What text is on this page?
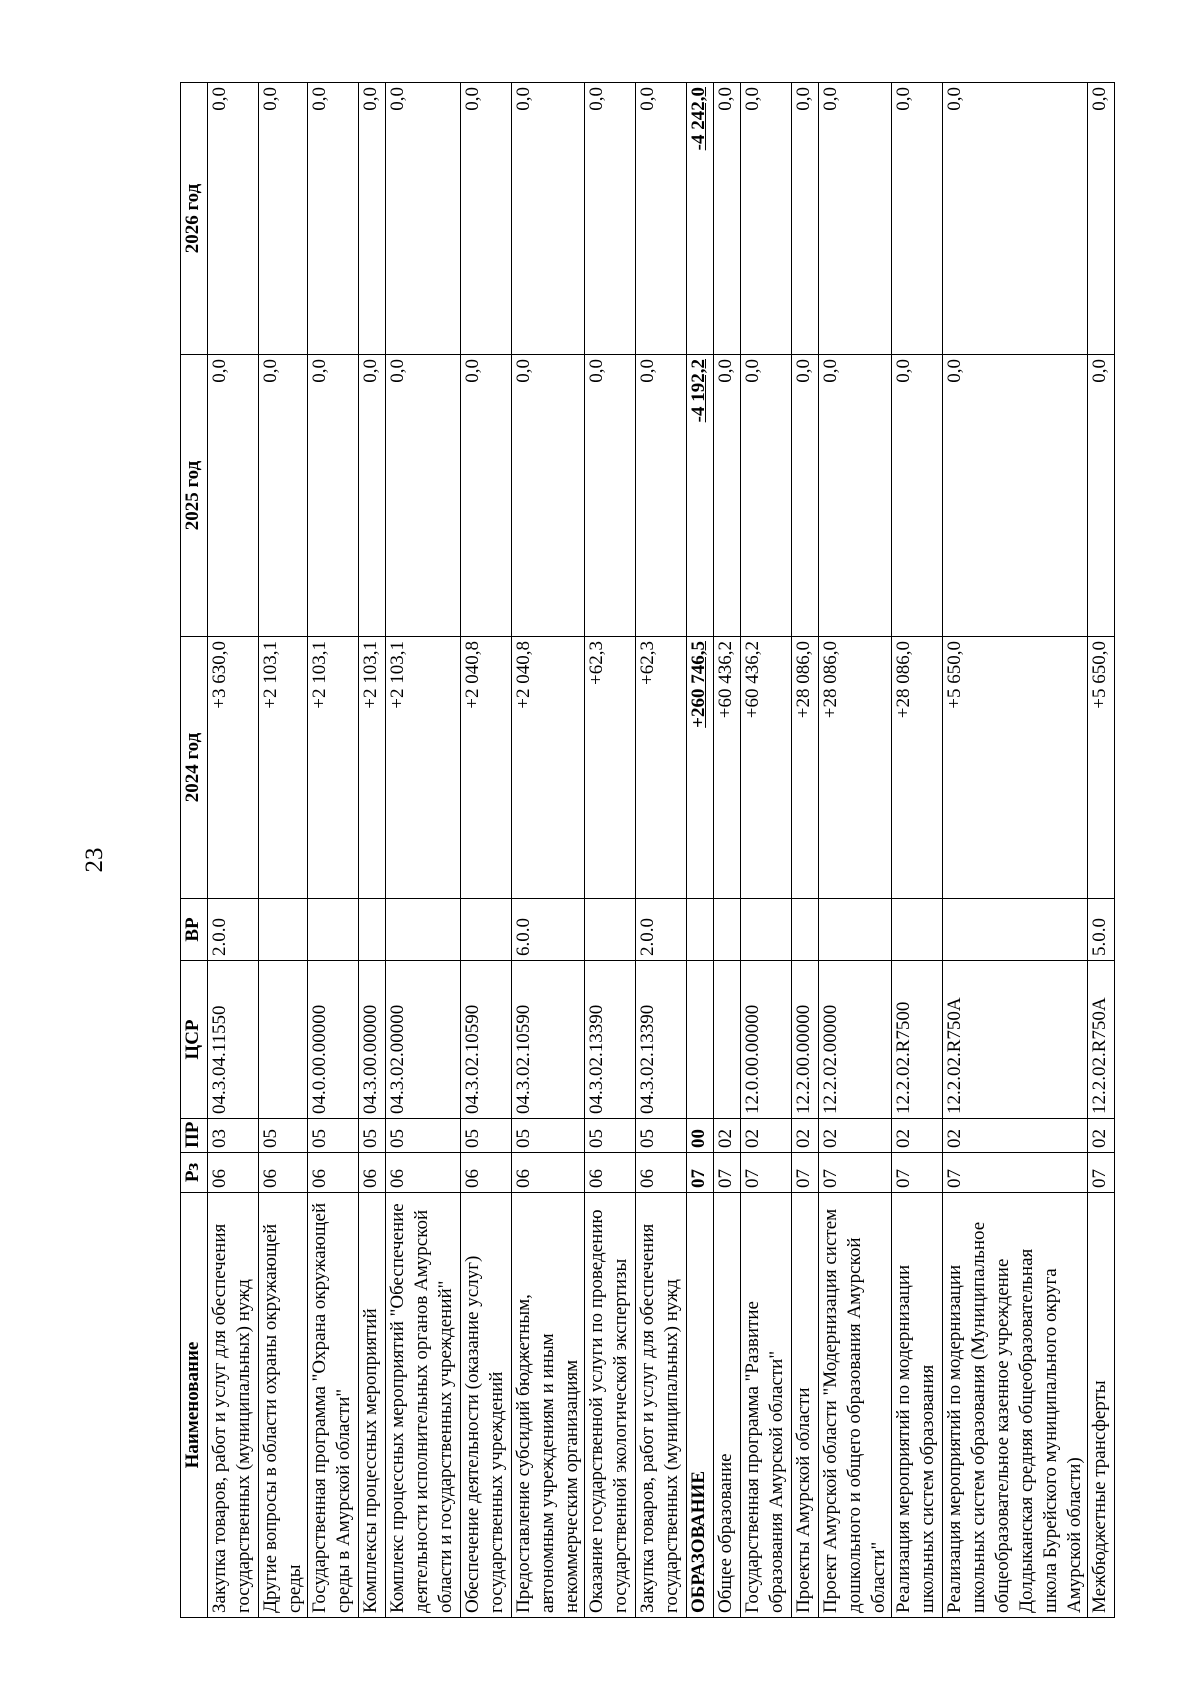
23
Наименование	Рз	ПР	ЦСР	ВР	2024 год	2025 год	2026 год
Закупка товаров, работ и услуг для обеспечения государственных (муниципальных) нужд	06	03	04.3.04.11550	2.0.0	+3 630,0	0,0	0,0
Другие вопросы в области охраны окружающей среды	06	05			+2 103,1	0,0	0,0
Государственная программа "Охрана окружающей среды в Амурской области"	06	05	04.0.00.00000		+2 103,1	0,0	0,0
Комплексы процессных мероприятий	06	05	04.3.00.00000		+2 103,1	0,0	0,0
Комплекс процессных мероприятий "Обеспечение деятельности исполнительных органов Амурской области и государственных учреждений"	06	05	04.3.02.00000		+2 103,1	0,0	0,0
Обеспечение деятельности (оказание услуг) государственных учреждений	06	05	04.3.02.10590		+2 040,8	0,0	0,0
Предоставление субсидий бюджетным, автономным учреждениям и иным некоммерческим организациям	06	05	04.3.02.10590	6.0.0	+2 040,8	0,0	0,0
Оказание государственной услуги по проведению государственной экологической экспертизы	06	05	04.3.02.13390		+62,3	0,0	0,0
Закупка товаров, работ и услуг для обеспечения государственных (муниципальных) нужд	06	05	04.3.02.13390	2.0.0	+62,3	0,0	0,0
ОБРАЗОВАНИЕ	07	00			+260 746,5	-4 192,2	-4 242,0
Общее образование	07	02			+60 436,2	0,0	0,0
Государственная программа "Развитие образования Амурской области"	07	02	12.0.00.00000		+60 436,2	0,0	0,0
Проекты Амурской области	07	02	12.2.00.00000		+28 086,0	0,0	0,0
Проект Амурской области "Модернизация систем дошкольного и общего образования Амурской области"	07	02	12.2.02.00000		+28 086,0	0,0	0,0
Реализация мероприятий по модернизации школьных систем образования	07	02	12.2.02.R7500		+28 086,0	0,0	0,0
Реализация мероприятий по модернизации школьных систем образования (Муниципальное общеобразовательное казенное учреждение Долдыканская средняя общеобразовательная школа Бурейского муниципального округа Амурской области)	07	02	12.2.02.R750A		+5 650,0	0,0	0,0
Межбюджетные трансферты	07	02	12.2.02.R750A	5.0.0	+5 650,0	0,0	0,0
